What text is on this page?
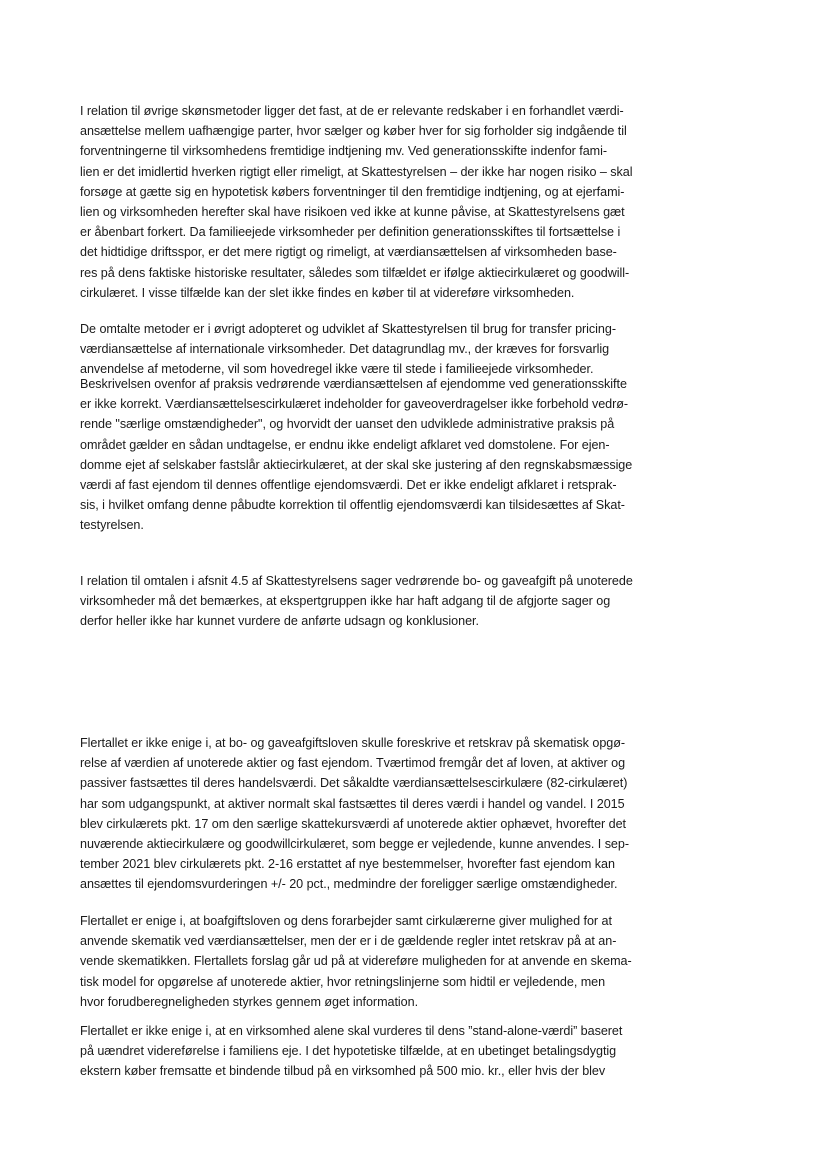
I relation til øvrige skønsmetoder ligger det fast, at de er relevante redskaber i en forhandlet værdi-
ansættelse mellem uafhængige parter, hvor sælger og køber hver for sig forholder sig indgående til
forventningerne til virksomhedens fremtidige indtjening mv. Ved generationsskifte indenfor fami-
lien er det imidlertid hverken rigtigt eller rimeligt, at Skattestyrelsen – der ikke har nogen risiko – skal
forsøge at gætte sig en hypotetisk købers forventninger til den fremtidige indtjening, og at ejerfami-
lien og virksomheden herefter skal have risikoen ved ikke at kunne påvise, at Skattestyrelsens gæt
er åbenbart forkert. Da familieejede virksomheder per definition generationsskiftes til fortsættelse i
det hidtidige driftsspor, er det mere rigtigt og rimeligt, at værdiansættelsen af virksomheden base-
res på dens faktiske historiske resultater, således som tilfældet er ifølge aktiecirkulæret og goodwill-
cirkulæret. I visse tilfælde kan der slet ikke findes en køber til at videreføre virksomheden.
De omtalte metoder er i øvrigt adopteret og udviklet af Skattestyrelsen til brug for transfer pricing-
værdiansættelse af internationale virksomheder. Det datagrundlag mv., der kræves for forsvarlig
anvendelse af metoderne, vil som hovedregel ikke være til stede i familieejede virksomheder.
Beskrivelsen ovenfor af praksis vedrørende værdiansættelsen af ejendomme ved generationsskifte
er ikke korrekt. Værdiansættelsescirkulæret indeholder for gaveoverdragelser ikke forbehold vedrø-
rende "særlige omstændigheder", og hvorvidt der uanset den udviklede administrative praksis på
området gælder en sådan undtagelse, er endnu ikke endeligt afklaret ved domstolene. For ejen-
domme ejet af selskaber fastslår aktiecirkulæret, at der skal ske justering af den regnskabsmæssige
værdi af fast ejendom til dennes offentlige ejendomsværdi. Det er ikke endeligt afklaret i retsprak-
sis, i hvilket omfang denne påbudte korrektion til offentlig ejendomsværdi kan tilsidesættes af Skat-
testyrelsen.
I relation til omtalen i afsnit 4.5 af Skattestyrelsens sager vedrørende bo- og gaveafgift på unoterede
virksomheder må det bemærkes, at ekspertgruppen ikke har haft adgang til de afgjorte sager og
derfor heller ikke har kunnet vurdere de anførte udsagn og konklusioner.
Flertallet er ikke enige i, at bo- og gaveafgiftsloven skulle foreskrive et retskrav på skematisk opgø-
relse af værdien af unoterede aktier og fast ejendom. Tværtimod fremgår det af loven, at aktiver og
passiver fastsættes til deres handelsværdi. Det såkaldte værdiansættelsescirkulære (82-cirkulæret)
har som udgangspunkt, at aktiver normalt skal fastsættes til deres værdi i handel og vandel. I 2015
blev cirkulærets pkt. 17 om den særlige skattekursværdi af unoterede aktier ophævet, hvorefter det
nuværende aktiecirkulære og goodwillcirkulæret, som begge er vejledende, kunne anvendes. I sep-
tember 2021 blev cirkulærets pkt. 2-16 erstattet af nye bestemmelser, hvorefter fast ejendom kan
ansættes til ejendomsvurderingen +/- 20 pct., medmindre der foreligger særlige omstændigheder.
Flertallet er enige i, at boafgiftsloven og dens forarbejder samt cirkulærerne giver mulighed for at
anvende skematik ved værdiansættelser, men der er i de gældende regler intet retskrav på at an-
vende skematikken. Flertallets forslag går ud på at videreføre muligheden for at anvende en skema-
tisk model for opgørelse af unoterede aktier, hvor retningslinjerne som hidtil er vejledende, men
hvor forudberegneligheden styrkes gennem øget information.
Flertallet er ikke enige i, at en virksomhed alene skal vurderes til dens ”stand-alone-værdi” baseret
på uændret videreførelse i familiens eje. I det hypotetiske tilfælde, at en ubetinget betalingsdygtig
ekstern køber fremsatte et bindende tilbud på en virksomhed på 500 mio. kr., eller hvis der blev
